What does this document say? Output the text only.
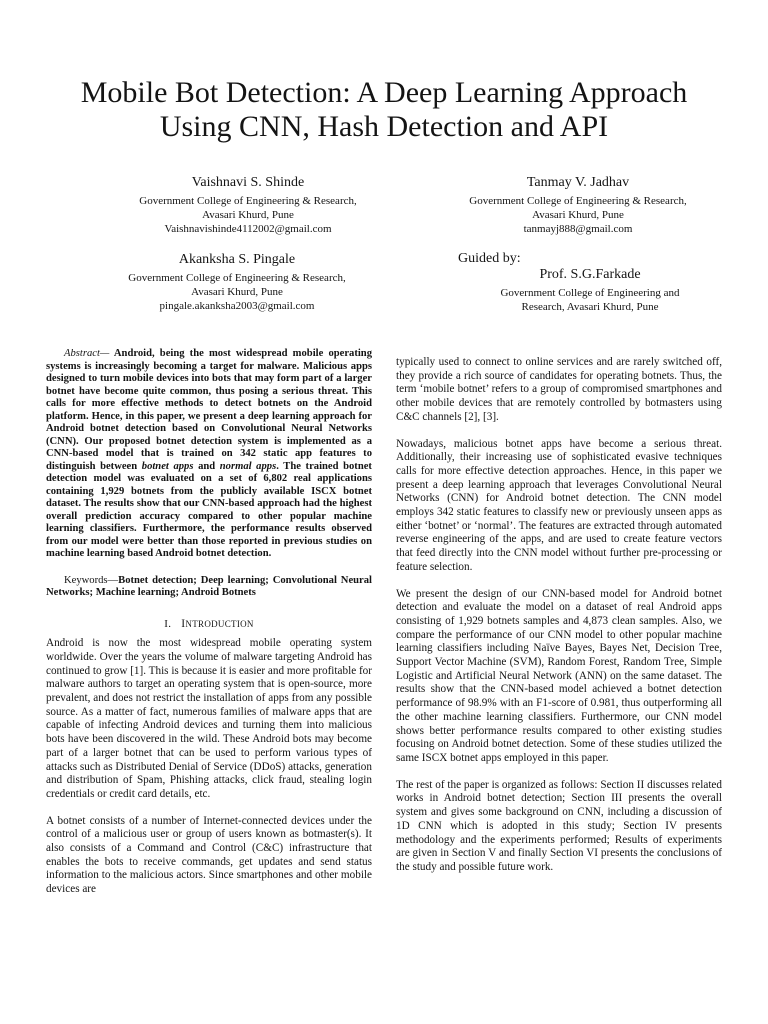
Mobile Bot Detection: A Deep Learning Approach
Using CNN, Hash Detection and API
Vaishnavi S. Shinde
Government College of Engineering & Research,
Avasari Khurd, Pune
Vaishnavishinde4112002@gmail.com
Tanmay V. Jadhav
Government College of Engineering & Research,
Avasari Khurd, Pune
tanmayj888@gmail.com
Akanksha S. Pingale
Government College of Engineering & Research,
Avasari Khurd, Pune
pingale.akanksha2003@gmail.com
Guided by:
Prof. S.G.Farkade
Government College of Engineering and
Research, Avasari Khurd, Pune

Abstract— Android, being the most widespread mobile operating systems is increasingly becoming a target for malware. Malicious apps designed to turn mobile devices into bots that may form part of a larger botnet have become quite common, thus posing a serious threat. This calls for more effective methods to detect botnets on the Android platform. Hence, in this paper, we present a deep learning approach for Android botnet detection based on Convolutional Neural Networks (CNN). Our proposed botnet detection system is implemented as a CNN-based model that is trained on 342 static app features to distinguish between botnet apps and normal apps. The trained botnet detection model was evaluated on a set of 6,802 real applications containing 1,929 botnets from the publicly available ISCX botnet dataset. The results show that our CNN-based approach had the highest overall prediction accuracy compared to other popular machine learning classifiers. Furthermore, the performance results observed from our model were better than those reported in previous studies on machine learning based Android botnet detection.

Keywords—Botnet detection; Deep learning; Convolutional Neural Networks; Machine learning; Android Botnets

I. INTRODUCTION

Android is now the most widespread mobile operating system worldwide. Over the years the volume of malware targeting Android has continued to grow [1]. This is because it is easier and more profitable for malware authors to target an operating system that is open-source, more prevalent, and does not restrict the installation of apps from any possible source. As a matter of fact, numerous families of malware apps that are capable of infecting Android devices and turning them into malicious bots have been discovered in the wild. These Android bots may become part of a larger botnet that can be used to perform various types of attacks such as Distributed Denial of Service (DDoS) attacks, generation and distribution of Spam, Phishing attacks, click fraud, stealing login credentials or credit card details, etc.

A botnet consists of a number of Internet-connected devices under the control of a malicious user or group of users known as botmaster(s). It also consists of a Command and Control (C&C) infrastructure that enables the bots to receive commands, get updates and send status information to the malicious actors. Since smartphones and other mobile devices are

typically used to connect to online services and are rarely switched off, they provide a rich source of candidates for operating botnets. Thus, the term ‘mobile botnet’ refers to a group of compromised smartphones and other mobile devices that are remotely controlled by botmasters using C&C channels [2], [3].

Nowadays, malicious botnet apps have become a serious threat. Additionally, their increasing use of sophisticated evasive techniques calls for more effective detection approaches. Hence, in this paper we present a deep learning approach that leverages Convolutional Neural Networks (CNN) for Android botnet detection. The CNN model employs 342 static features to classify new or previously unseen apps as either ‘botnet’ or ‘normal’. The features are extracted through automated reverse engineering of the apps, and are used to create feature vectors that feed directly into the CNN model without further pre-processing or feature selection.

We present the design of our CNN-based model for Android botnet detection and evaluate the model on a dataset of real Android apps consisting of 1,929 botnets samples and 4,873 clean samples. Also, we compare the performance of our CNN model to other popular machine learning classifiers including Naïve Bayes, Bayes Net, Decision Tree, Support Vector Machine (SVM), Random Forest, Random Tree, Simple Logistic and Artificial Neural Network (ANN) on the same dataset. The results show that the CNN-based model achieved a botnet detection performance of 98.9% with an F1-score of 0.981, thus outperforming all the other machine learning classifiers. Furthermore, our CNN model shows better performance results compared to other existing studies focusing on Android botnet detection. Some of these studies utilized the same ISCX botnet apps employed in this paper.

The rest of the paper is organized as follows: Section II discusses related works in Android botnet detection; Section III presents the overall system and gives some background on CNN, including a discussion of 1D CNN which is adopted in this study; Section IV presents methodology and the experiments performed; Results of experiments are given in Section V and finally Section VI presents the conclusions of the study and possible future work.
